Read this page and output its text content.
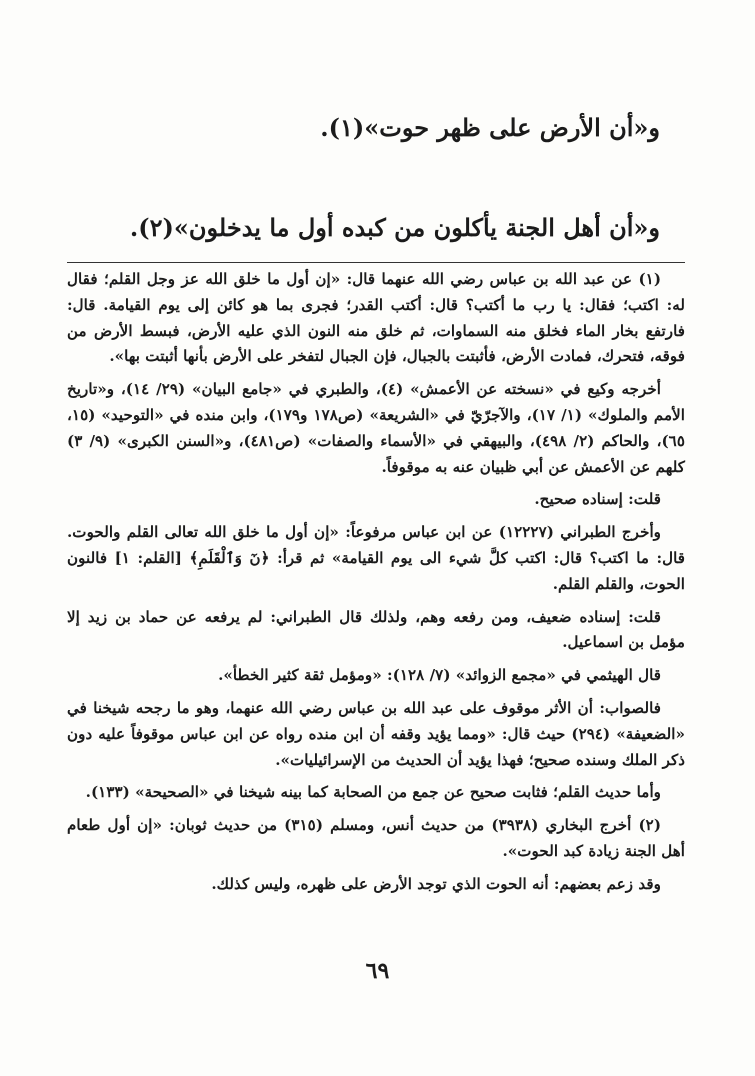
و«أن الأرض على ظهر حوت»(١).
و«أن أهل الجنة يأكلون من كبده أول ما يدخلون»(٢).

(١) عن عبد الله بن عباس رضي الله عنهما قال: «إن أول ما خلق الله عز وجل القلم؛ فقال له: اكتب؛ فقال: يا رب ما أكتب؟ قال: أكتب القدر؛ فجرى بما هو كائن إلى يوم القيامة. قال: فارتفع بخار الماء فخلق منه السماوات، ثم خلق منه النون الذي عليه الأرض، فبسط الأرض من فوقه، فتحرك، فمادت الأرض، فأثبتت بالجبال، فإن الجبال لتفخر على الأرض بأنها أثبتت بها».

أخرجه وكيع في «نسخته عن الأعمش» (٤)، والطبري في «جامع البيان» (٢٩/ ١٤)، و«تاريخ الأمم والملوك» (١/ ١٧)، والآجرّيّ في «الشريعة» (ص١٧٨ و١٧٩)، وابن منده في «التوحيد» (١٥، ٦٥)، والحاكم (٢/ ٤٩٨)، والبيهقي في «الأسماء والصفات» (ص٤٨١)، و«السنن الكبرى» (٩/ ٣) كلهم عن الأعمش عن أبي ظبيان عنه به موقوفاً.

قلت: إسناده صحيح.

وأخرج الطبراني (١٢٢٢٧) عن ابن عباس مرفوعاً: «إن أول ما خلق الله تعالى القلم والحوت. قال: ما اكتب؟ قال: اكتب كلَّ شيء الى يوم القيامة» ثم قرأ: ﴿نٓ وَٱلْقَلَمِ﴾ [القلم: ١] فالنون الحوت، والقلم القلم.

قلت: إسناده ضعيف، ومن رفعه وهم، ولذلك قال الطبراني: لم يرفعه عن حماد بن زيد إلا مؤمل بن اسماعيل.

قال الهيثمي في «مجمع الزوائد» (٧/ ١٢٨): «ومؤمل ثقة كثير الخطأ».

فالصواب: أن الأثر موقوف على عبد الله بن عباس رضي الله عنهما، وهو ما رجحه شيخنا في «الضعيفة» (٢٩٤) حيث قال: «ومما يؤيد وقفه أن ابن منده رواه عن ابن عباس موقوفاً عليه دون ذكر الملك وسنده صحيح؛ فهذا يؤيد أن الحديث من الإسرائيليات».

وأما حديث القلم؛ فثابت صحيح عن جمع من الصحابة كما بينه شيخنا في «الصحيحة» (١٣٣).

(٢) أخرج البخاري (٣٩٣٨) من حديث أنس، ومسلم (٣١٥) من حديث ثوبان: «إن أول طعام أهل الجنة زيادة كبد الحوت».

وقد زعم بعضهم: أنه الحوت الذي توجد الأرض على ظهره، وليس كذلك.

٦٩
